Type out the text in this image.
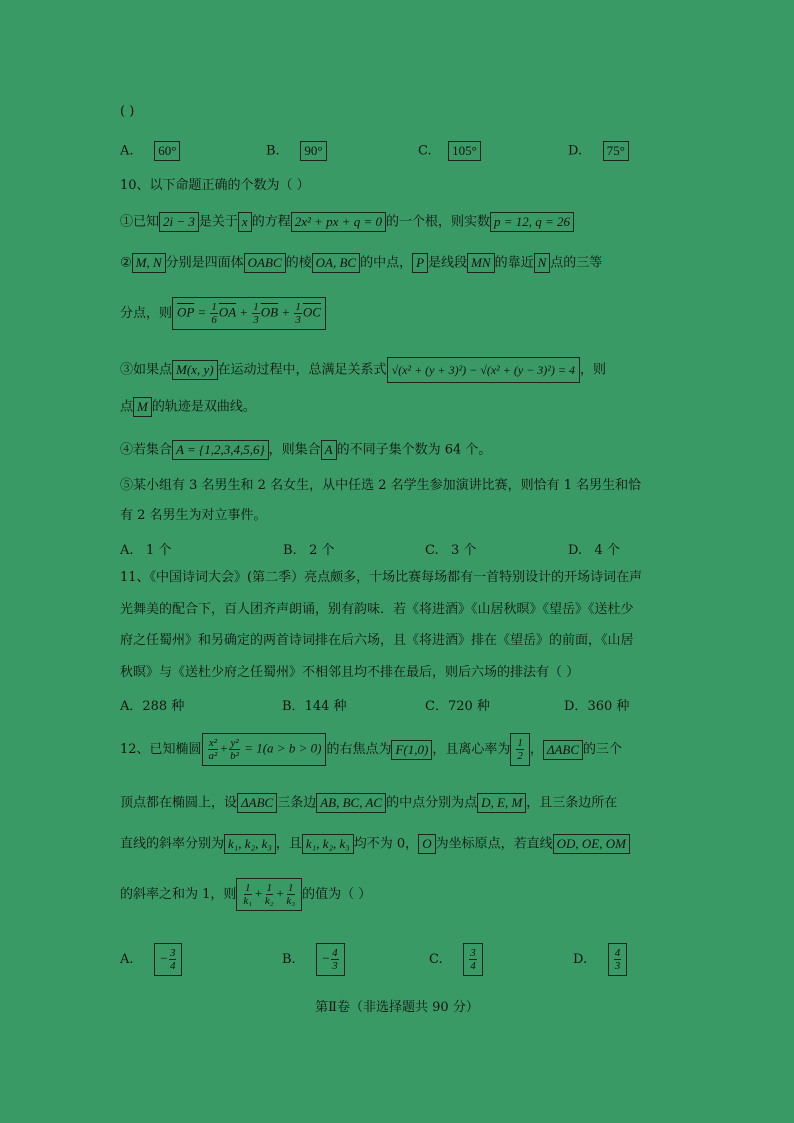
( )
A. 60°	B. 90°	C. 105°	D. 75°
10、以下命题正确的个数为（ ）
①已知 2i − 3 是关于 x 的方程 2x² + px + q = 0 的一个根，则实数 p = 12, q = 26
② M, N 分别是四面体 OABC 的棱 OA, BC 的中点， P 是线段 MN 的靠近 N 点的三等
分点，则 $\overline{OP} = \frac{1}{6} \overline{OA} + \frac{1}{3} \overline{OB} + \frac{1}{3} \overline{OC}$
③如果点 M(x, y) 在运动过程中，总满足关系式 √(x² + (y + 3)²) − √(x² + (y − 3)²) = 4 ，则
点 M 的轨迹是双曲线。
④若集合 A = {1,2,3,4,5,6} ，则集合 A 的不同子集个数为 64 个。
⑤某小组有 3 名男生和 2 名女生，从中任选 2 名学生参加演讲比赛，则恰有 1 名男生和恰
有 2 名男生为对立事件。
A. 1 个	B. 2 个	C. 3 个	D. 4 个
11、《中国诗词大会》(第二季）亮点颇多，十场比赛每场都有一首特别设计的开场诗词在声
光舞美的配合下，百人团齐声朗诵，别有韵味．若《将进酒》《山居秋暝》《望岳》《送杜少
府之任蜀州》和另确定的两首诗词排在后六场，且《将进酒》排在《望岳》的前面，《山居
秋暝》与《送杜少府之任蜀州》不相邻且均不排在最后，则后六场的排法有（ ）
A．288 种	B．144 种	C．720 种	D．360 种
12、已知椭圆 $\frac{\text{x²}}{\text{a²}} + \frac{\text{y²}}{\text{b²}} = 1(a > b > 0)$ 的右焦点为 F(1,0) ，且离心率为 $\frac{1}{2}$ ， ΔABC 的三个
顶点都在椭圆上，设 ΔABC 三条边 AB, BC, AC 的中点分别为点 D, E, M ，且三条边所在
直线的斜率分别为 k₁, k₂, k₃ ，且 k₁, k₂, k₃ 均不为 0， O 为坐标原点，若直线 OD, OE, OM
的斜率之和为 1，则 $\frac{1}{\text{k₁}} + \frac{1}{\text{k₂}} + \frac{1}{\text{k₃}}$ 的值为（ ）
A. − $\frac{3}{4}$	B. − $\frac{4}{3}$	C. $\frac{3}{4}$	D. $\frac{4}{3}$
第Ⅱ卷（非选择题共 90 分）
